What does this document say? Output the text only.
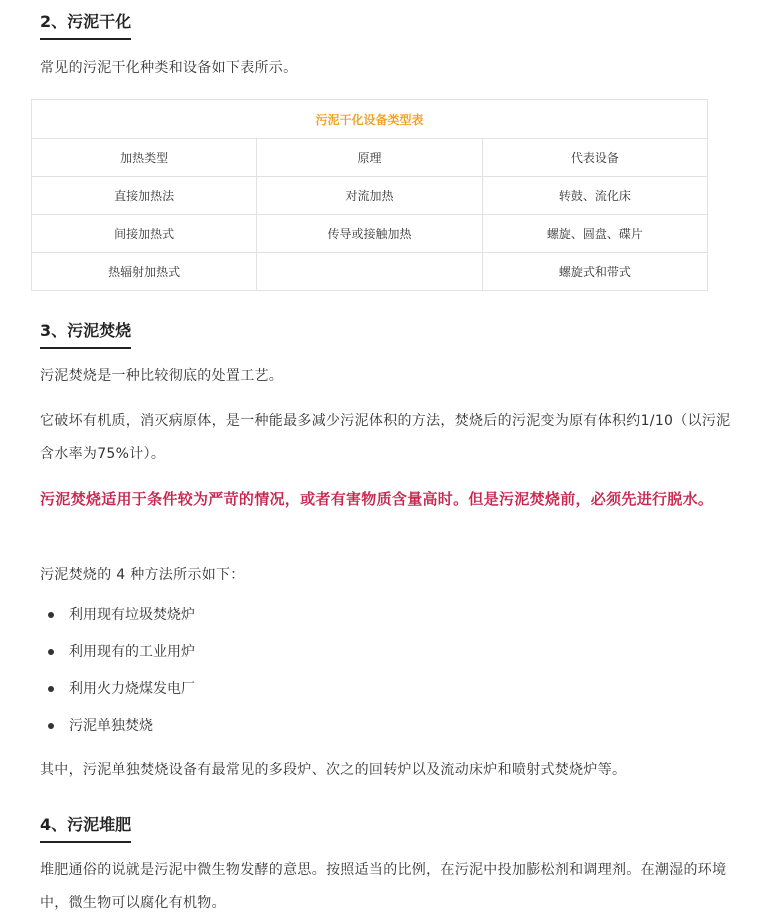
2、污泥干化

常见的污泥干化种类和设备如下表所示。

污泥干化设备类型表		
加热类型	原理	代表设备
直接加热法	对流加热	转鼓、流化床
间接加热式	传导或接触加热	螺旋、圆盘、碟片
热辐射加热式		螺旋式和带式
3、污泥焚烧

污泥焚烧是一种比较彻底的处置工艺。

它破坏有机质，消灭病原体，是一种能最多减少污泥体积的方法，焚烧后的污泥变为原有体积约1/10（以污泥含水率为75%计）。

污泥焚烧适用于条件较为严苛的情况，或者有害物质含量高时。但是污泥焚烧前，必须先进行脱水。

污泥焚烧的 4 种方法所示如下：

利用现有垃圾焚烧炉
利用现有的工业用炉
利用火力烧煤发电厂
污泥单独焚烧

其中，污泥单独焚烧设备有最常见的多段炉、次之的回转炉以及流动床炉和喷射式焚烧炉等。

4、污泥堆肥

堆肥通俗的说就是污泥中微生物发酵的意思。按照适当的比例，在污泥中投加膨松剂和调理剂。在潮湿的环境中，微生物可以腐化有机物。
